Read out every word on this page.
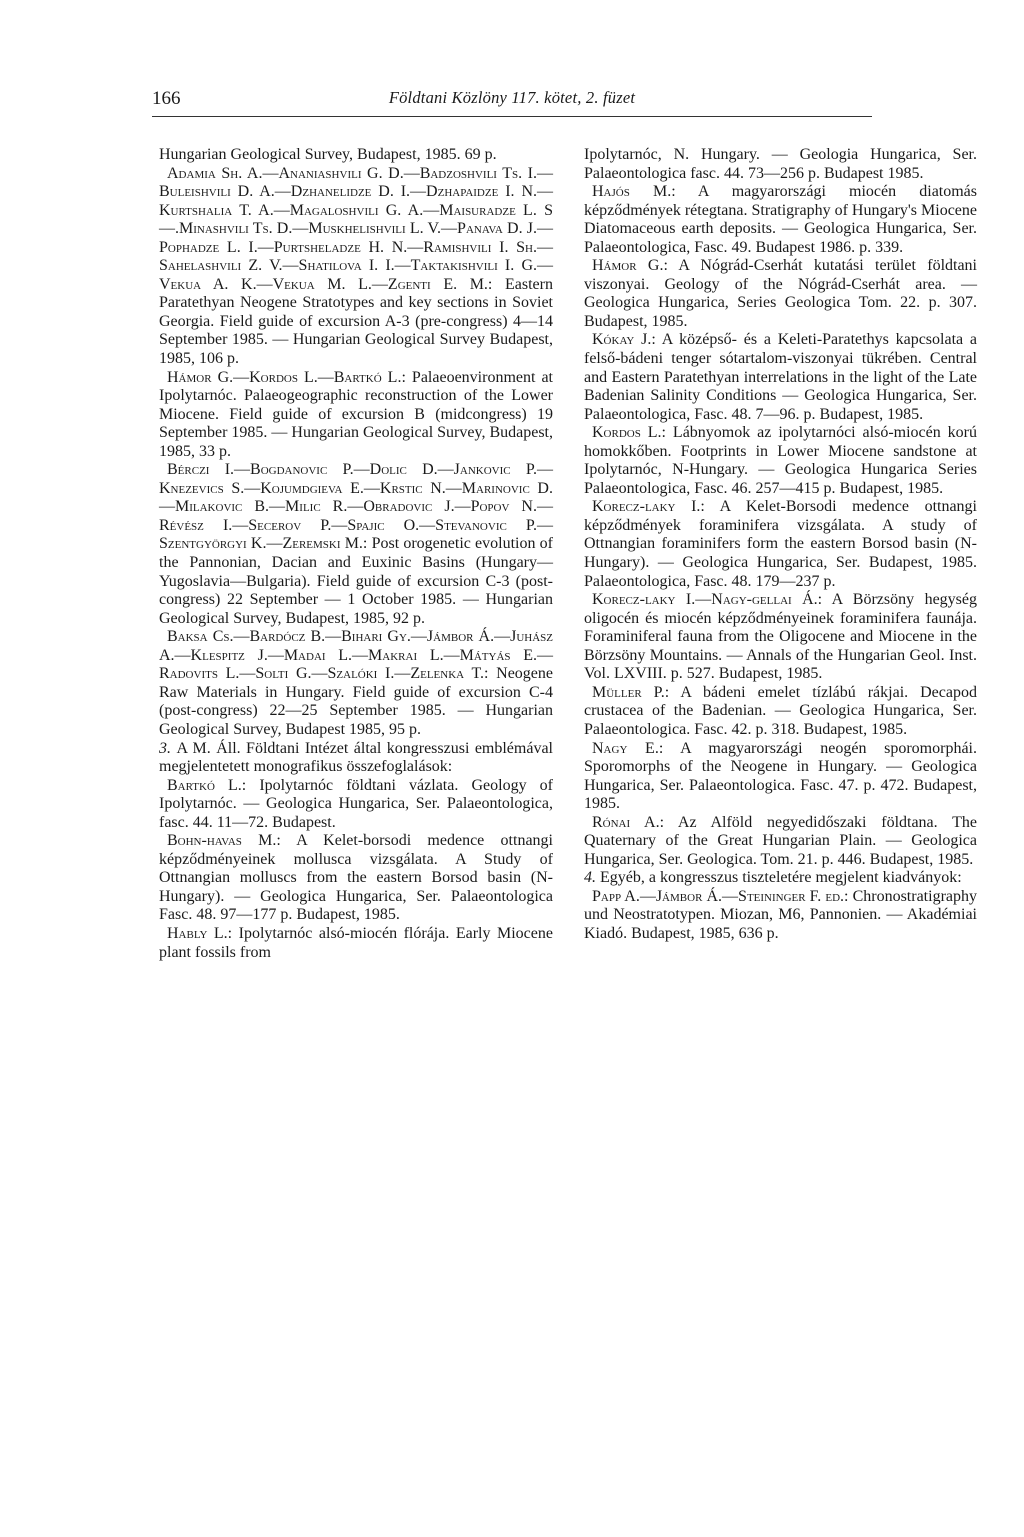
166	Földtani Közlöny 117. kötet, 2. füzet

Hungarian Geological Survey, Budapest, 1985. 69 p.

Adamia Sh. A.—Ananiashvili G. D.—Badzoshvili Ts. I.—Buleishvili D. A.—Dzhanelidze D. I.—Dzhapaidze I. N.—Kurtshalia T. A.—Magaloshvili G. A.—Maisuradze L. S—.Minashvili Ts. D.—Muskhelishvili L. V.—Panava D. J.—Pophadze L. I.—Purtsheladze H. N.—Ramishvili I. Sh.—Sahelashvili Z. V.—Shatilova I. I.—Taktakishvili I. G.—Vekua A. K.—Vekua M. L.—Zgenti E. M.: Eastern Paratethyan Neogene Stratotypes and key sections in Soviet Georgia. Field guide of excursion A-3 (pre-congress) 4—14 September 1985. — Hungarian Geological Survey Budapest, 1985, 106 p.

Hámor G.—Kordos L.—Bartkó L.: Palaeoenvironment at Ipolytarnóc. Palaeogeographic reconstruction of the Lower Miocene. Field guide of excursion B (midcongress) 19 September 1985. — Hungarian Geological Survey, Budapest, 1985, 33 p.

Bérczi I.—Bogdanovic P.—Dolic D.—Jankovic P.—Knezevics S.—Kojumdgieva E.—Krstic N.—Marinovic D.—Milakovic B.—Milic R.—Obradovic J.—Popov N.—Révész I.—Secerov P.—Spajic O.—Stevanovic P.—Szentgyörgyi K.—Zeremski M.: Post orogenetic evolution of the Pannonian, Dacian and Euxinic Basins (Hungary—Yugoslavia—Bulgaria). Field guide of excursion C-3 (post-congress) 22 September — 1 October 1985. — Hungarian Geological Survey, Budapest, 1985, 92 p.

Baksa Cs.—Bardócz B.—Bihari Gy.—Jámbor Á.—Juhász A.—Klespitz J.—Madai L.—Makrai L.—Mátyás E.—Radovits L.—Solti G.—Szalóki I.—Zelenka T.: Neogene Raw Materials in Hungary. Field guide of excursion C-4 (post-congress) 22—25 September 1985. — Hungarian Geological Survey, Budapest 1985, 95 p.

3. A M. Áll. Földtani Intézet által kongresszusi emblémával megjelentetett monografikus összefoglalások:

Bartkó L.: Ipolytarnóc földtani vázlata. Geology of Ipolytarnóc. — Geologica Hungarica, Ser. Palaeontologica, fasc. 44. 11—72. Budapest.

Bohn-havas M.: A Kelet-borsodi medence ottnangi képződményeinek mollusca vizsgálata. A Study of Ottnangian molluscs from the eastern Borsod basin (N-Hungary). — Geologica Hungarica, Ser. Palaeontologica Fasc. 48. 97—177 p. Budapest, 1985.

Hably L.: Ipolytarnóc alsó-miocén flórája. Early Miocene plant fossils from

Ipolytarnóc, N. Hungary. — Geologia Hungarica, Ser. Palaeontologica fasc. 44. 73—256 p. Budapest 1985.

Hajós M.: A magyarországi miocén diatomás képződmények rétegtana. Stratigraphy of Hungary's Miocene Diatomaceous earth deposits. — Geologica Hungarica, Ser. Palaeontologica, Fasc. 49. Budapest 1986. p. 339.

Hámor G.: A Nógrád-Cserhát kutatási terület földtani viszonyai. Geology of the Nógrád-Cserhát area. — Geologica Hungarica, Series Geologica Tom. 22. p. 307. Budapest, 1985.

Kókay J.: A középső- és a Keleti-Paratethys kapcsolata a felső-bádeni tenger sótartalom-viszonyai tükrében. Central and Eastern Paratethyan interrelations in the light of the Late Badenian Salinity Conditions — Geologica Hungarica, Ser. Palaeontologica, Fasc. 48. 7—96. p. Budapest, 1985.

Kordos L.: Lábnyomok az ipolytarnóci alsó-miocén korú homokkőben. Footprints in Lower Miocene sandstone at Ipolytarnóc, N-Hungary. — Geologica Hungarica Series Palaeontologica, Fasc. 46. 257—415 p. Budapest, 1985.

Korecz-laky I.: A Kelet-Borsodi medence ottnangi képződmények foraminifera vizsgálata. A study of Ottnangian foraminifers form the eastern Borsod basin (N-Hungary). — Geologica Hungarica, Ser. Budapest, 1985. Palaeontologica, Fasc. 48. 179—237 p.

Korecz-laky I.—Nagy-gellai Á.: A Börzsöny hegység oligocén és miocén képződményeinek foraminifera faunája. Foraminiferal fauna from the Oligocene and Miocene in the Börzsöny Mountains. — Annals of the Hungarian Geol. Inst. Vol. LXVIII. p. 527. Budapest, 1985.

Müller P.: A bádeni emelet tízlábú rákjai. Decapod crustacea of the Badenian. — Geologica Hungarica, Ser. Palaeontologica. Fasc. 42. p. 318. Budapest, 1985.

Nagy E.: A magyarországi neogén sporomorphái. Sporomorphs of the Neogene in Hungary. — Geologica Hungarica, Ser. Palaeontologica. Fasc. 47. p. 472. Budapest, 1985.

Rónai A.: Az Alföld negyedidőszaki földtana. The Quaternary of the Great Hungarian Plain. — Geologica Hungarica, Ser. Geologica. Tom. 21. p. 446. Budapest, 1985.

4. Egyéb, a kongresszus tiszteletére megjelent kiadványok:

Papp A.—Jámbor Á.—Steininger F. ed.: Chronostratigraphy und Neostratotypen. Miozan, M6, Pannonien. — Akadémiai Kiadó. Budapest, 1985, 636 p.
